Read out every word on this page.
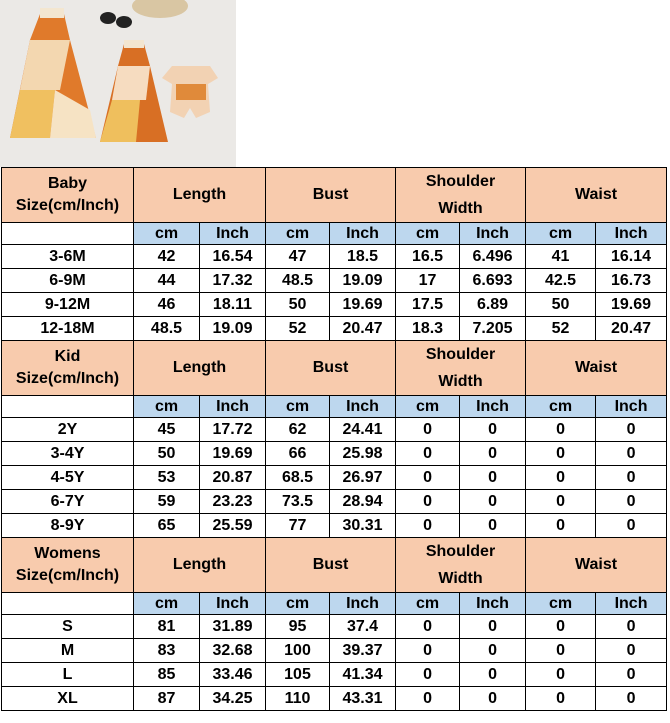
Baby
Size(cm/Inch)	Length		Bust		Shoulder Width		Waist	
	cm	Inch	cm	Inch	cm	Inch	cm	Inch
3-6M	42	16.54	47	18.5	16.5	6.496	41	16.14
6-9M	44	17.32	48.5	19.09	17	6.693	42.5	16.73
9-12M	46	18.11	50	19.69	17.5	6.89	50	19.69
12-18M	48.5	19.09	52	20.47	18.3	7.205	52	20.47

Kid
Size(cm/Inch)	Length		Bust		Shoulder Width		Waist	
	cm	Inch	cm	Inch	cm	Inch	cm	Inch
2Y	45	17.72	62	24.41	0	0	0	0
3-4Y	50	19.69	66	25.98	0	0	0	0
4-5Y	53	20.87	68.5	26.97	0	0	0	0
6-7Y	59	23.23	73.5	28.94	0	0	0	0
8-9Y	65	25.59	77	30.31	0	0	0	0

Womens
Size(cm/Inch)	Length		Bust		Shoulder Width		Waist	
	cm	Inch	cm	Inch	cm	Inch	cm	Inch
S	81	31.89	95	37.4	0	0	0	0
M	83	32.68	100	39.37	0	0	0	0
L	85	33.46	105	41.34	0	0	0	0
XL	87	34.25	110	43.31	0	0	0	0
